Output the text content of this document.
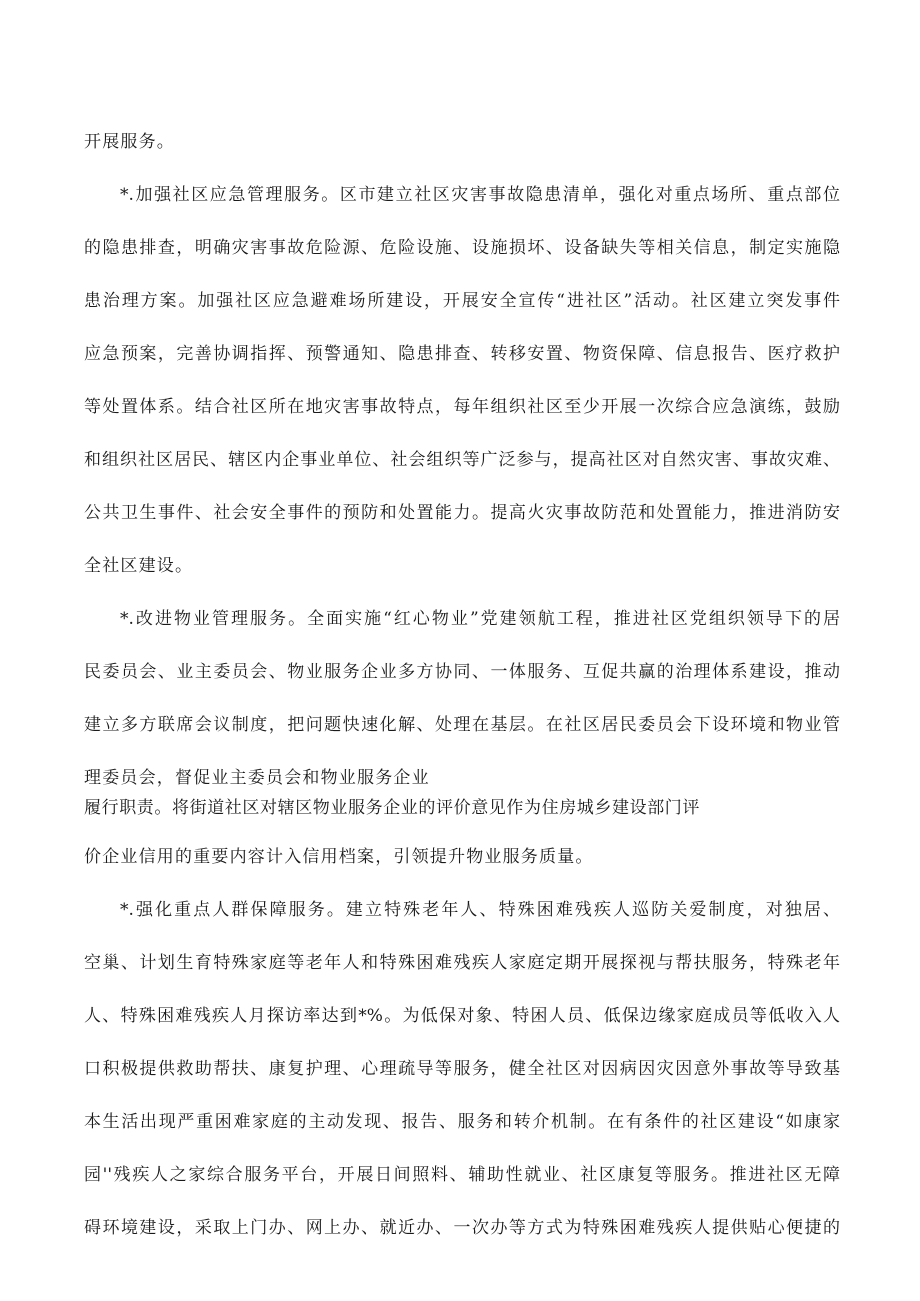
开展服务。
*.加强社区应急管理服务。区市建立社区灾害事故隐患清单，强化对重点场所、重点部位
的隐患排查，明确灾害事故危险源、危险设施、设施损坏、设备缺失等相关信息，制定实施隐
患治理方案。加强社区应急避难场所建设，开展安全宣传“进社区”活动。社区建立突发事件
应急预案，完善协调指挥、预警通知、隐患排查、转移安置、物资保障、信息报告、医疗救护
等处置体系。结合社区所在地灾害事故特点，每年组织社区至少开展一次综合应急演练，鼓励
和组织社区居民、辖区内企事业单位、社会组织等广泛参与，提高社区对自然灾害、事故灾难、
公共卫生事件、社会安全事件的预防和处置能力。提高火灾事故防范和处置能力，推进消防安
全社区建设。
*.改进物业管理服务。全面实施“红心物业”党建领航工程，推进社区党组织领导下的居
民委员会、业主委员会、物业服务企业多方协同、一体服务、互促共赢的治理体系建设，推动
建立多方联席会议制度，把问题快速化解、处理在基层。在社区居民委员会下设环境和物业管
理委员会，督促业主委员会和物业服务企业
履行职责。将街道社区对辖区物业服务企业的评价意见作为住房城乡建设部门评
价企业信用的重要内容计入信用档案，引领提升物业服务质量。
*.强化重点人群保障服务。建立特殊老年人、特殊困难残疾人巡防关爱制度，对独居、
空巢、计划生育特殊家庭等老年人和特殊困难残疾人家庭定期开展探视与帮扶服务，特殊老年
人、特殊困难残疾人月探访率达到*%。为低保对象、特困人员、低保边缘家庭成员等低收入人
口积极提供救助帮扶、康复护理、心理疏导等服务，健全社区对因病因灾因意外事故等导致基
本生活出现严重困难家庭的主动发现、报告、服务和转介机制。在有条件的社区建设“如康家
园''残疾人之家综合服务平台，开展日间照料、辅助性就业、社区康复等服务。推进社区无障
碍环境建设，采取上门办、网上办、就近办、一次办等方式为特殊困难残疾人提供贴心便捷的
